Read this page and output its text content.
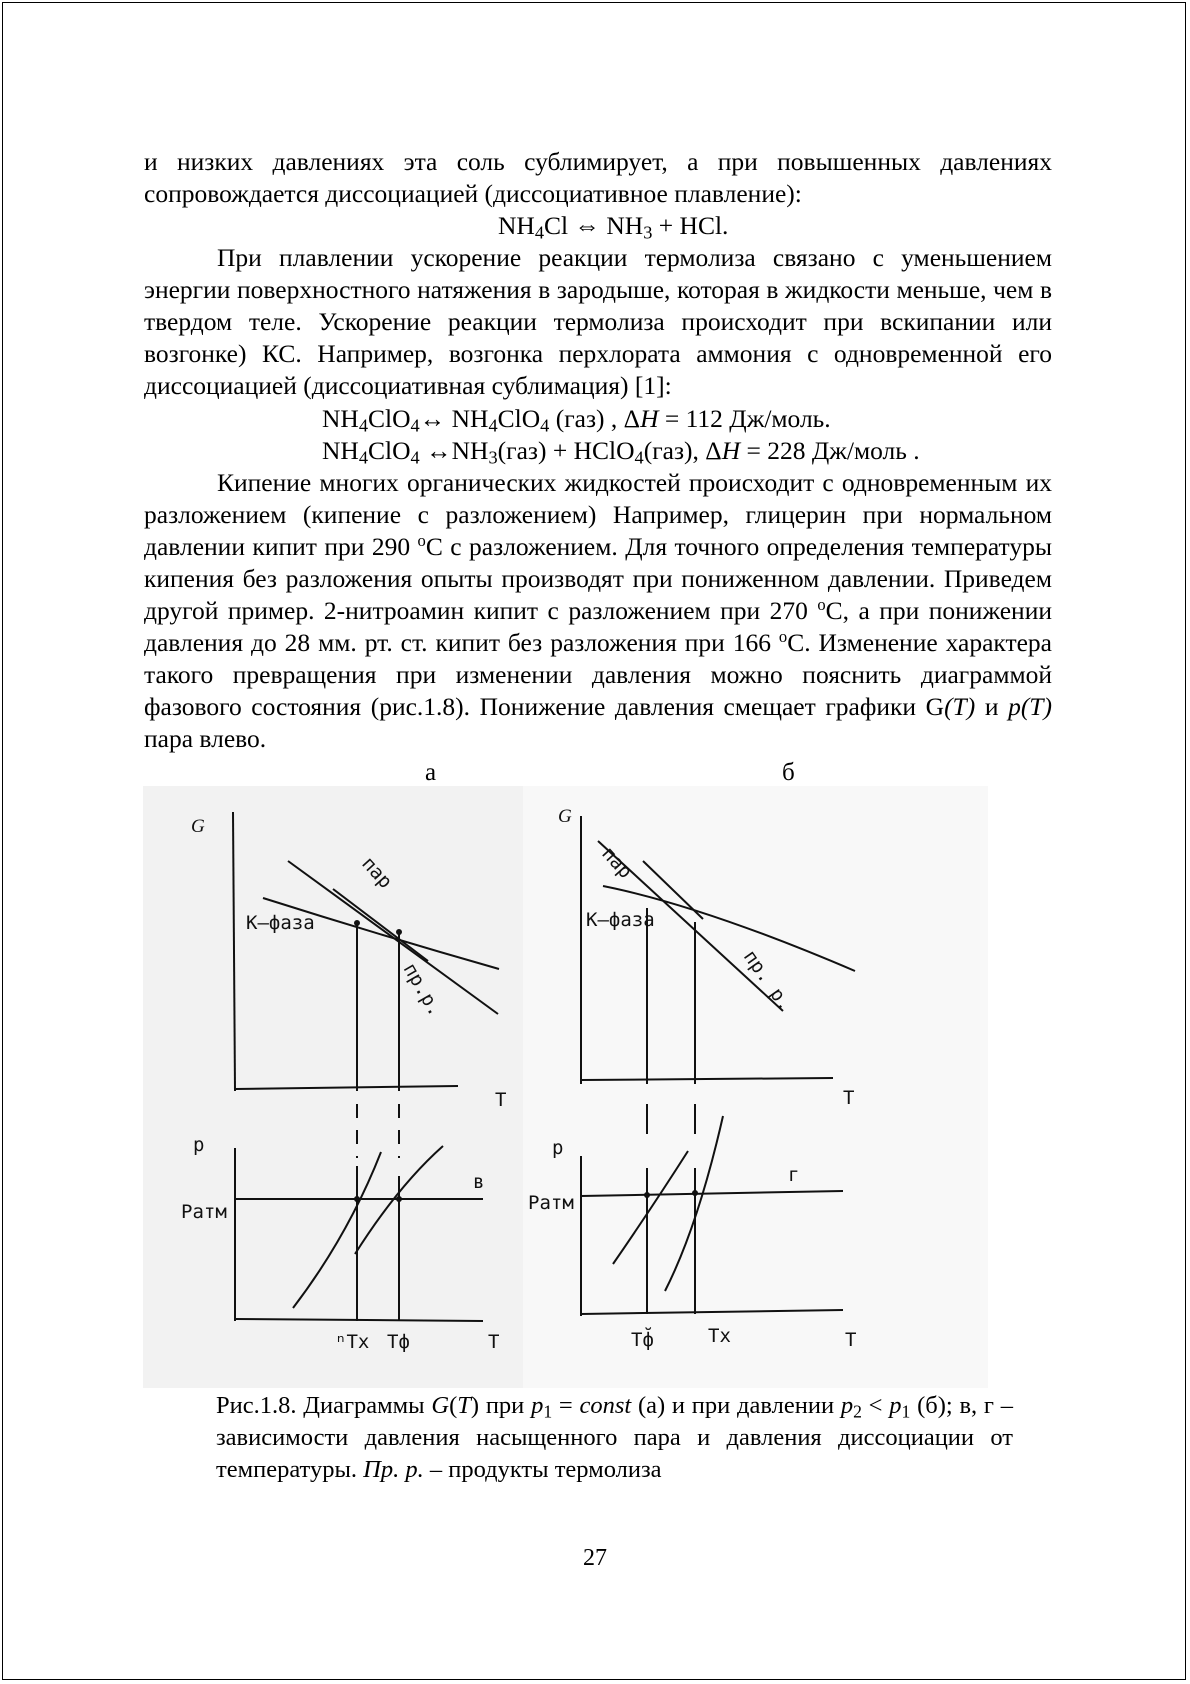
и низких давлениях эта соль сублимирует, а при повышенных давлениях сопровождается диссоциацией (диссоциативное плавление):

$NH_4Cl$ ⇔ $NH_3$ + HCl.

При плавлении ускорение реакции термолиза связано с уменьшением энергии поверхностного натяжения в зародыше, которая в жидкости меньше, чем в твердом теле. Ускорение реакции термолиза происходит при вскипании или возгонке) КС. Например, возгонка перхлората аммония с одновременной его диссоциацией (диссоциативная сублимация) [1]:

$NH_4ClO_4\leftrightarrow$ $NH_4ClO_4$ (газ) , ΔH = 112 Дж/моль.
$NH_4ClO_4$ $\leftrightarrow NH_3(газ)$ + HClO$_4$(газ), ΔH = 228 Дж/моль .

Кипение многих органических жидкостей происходит с одновременным их разложением (кипение с разложением) Например, глицерин при нормальном давлении кипит при 290 $^o$С с разложением. Для точного определения температуры кипения без разложения опыты производят при пониженном давлении. Приведем другой пример. 2-нитроамин кипит с разложением при 270 $^o$С, а при понижении давления до 28 мм. рт. ст. кипит без разложения при 166 $^o$С. Изменение характера такого превращения при изменении давления можно пояснить диаграммой фазового состояния (рис.1.8). Понижение давления смещает графики G(T) и p(T) пара влево.

а	б
G
T
К–фаза
пар
пр.р.
p
Pатм
в
ⁿTх Tф	T
G
T
К–фаза
пар
пр. р.
p
Pатм
г
Tф̆	Tх	T
Рис.1.8. Диаграммы G(T) при $p_1$ = const (а) и при давлении $p_2 < p_1$ (б); в, г – зависимости давления насыщенного пара и давления диссоциации от температуры. Пр. р. – продукты термолиза
27
